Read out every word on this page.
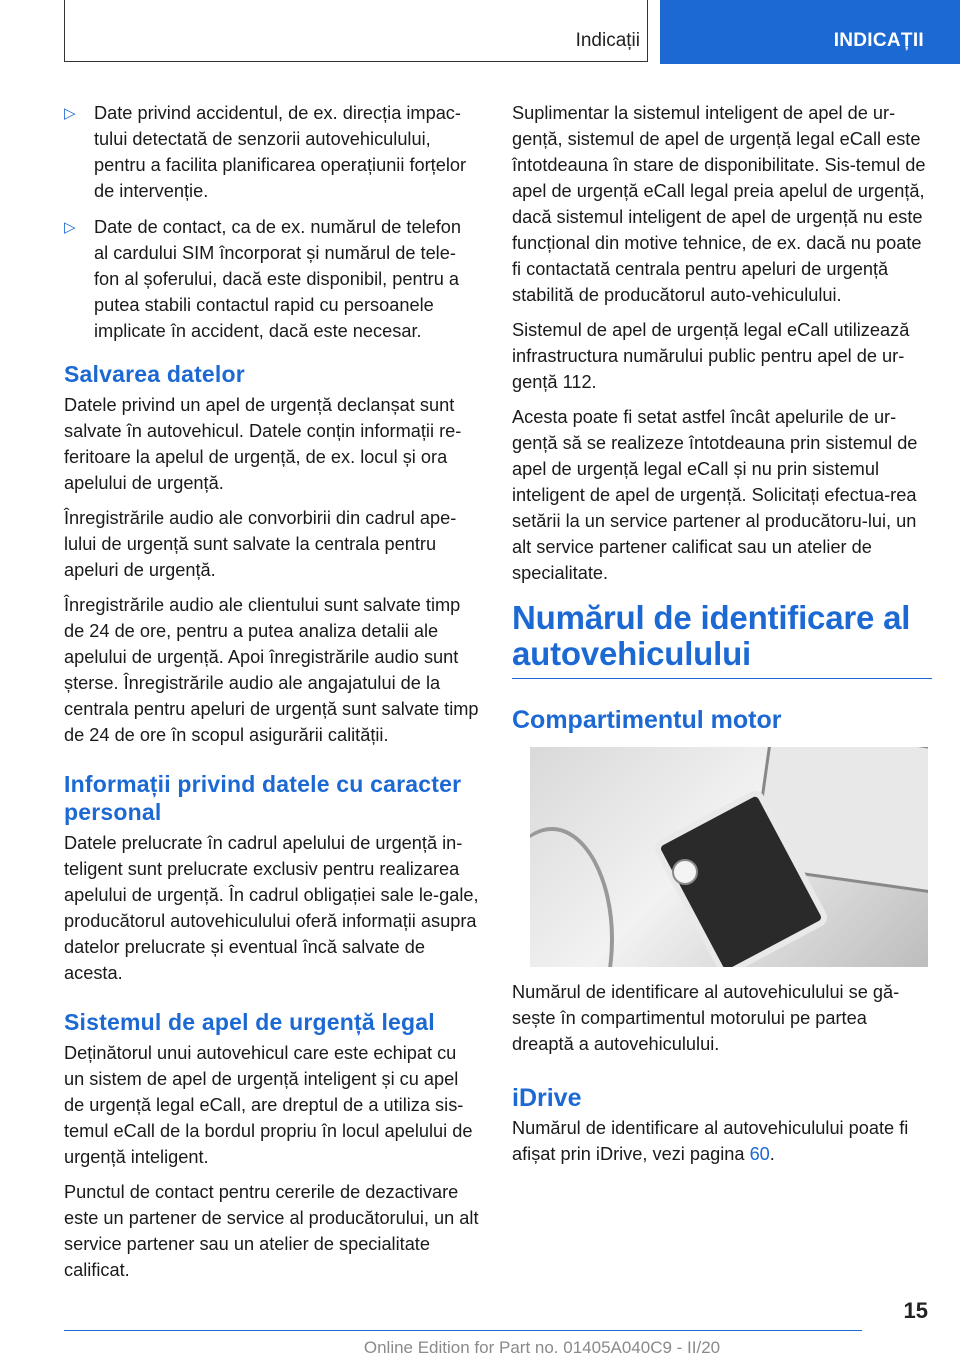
Indicații	INDICAȚII
▷ Date privind accidentul, de ex. direcția impac-tului detectată de senzorii autovehiculului, pentru a facilita planificarea operațiunii forțelor de intervenție.
▷ Date de contact, ca de ex. numărul de telefon al cardului SIM încorporat și numărul de tele-fon al șoferului, dacă este disponibil, pentru a putea stabili contactul rapid cu persoanele implicate în accident, dacă este necesar.
Salvarea datelor

Datele privind un apel de urgență declanșat sunt salvate în autovehicul. Datele conțin informații re-feritoare la apelul de urgență, de ex. locul și ora apelului de urgență.

Înregistrările audio ale convorbirii din cadrul ape-lului de urgență sunt salvate la centrala pentru apeluri de urgență.

Înregistrările audio ale clientului sunt salvate timp de 24 de ore, pentru a putea analiza detalii ale apelului de urgență. Apoi înregistrările audio sunt șterse. Înregistrările audio ale angajatului de la centrala pentru apeluri de urgență sunt salvate timp de 24 de ore în scopul asigurării calității.

Informații privind datele cu caracter personal

Datele prelucrate în cadrul apelului de urgență in-teligent sunt prelucrate exclusiv pentru realizarea apelului de urgență. În cadrul obligației sale le-gale, producătorul autovehiculului oferă informații asupra datelor prelucrate și eventual încă salvate de acesta.

Sistemul de apel de urgență legal

Deținătorul unui autovehicul care este echipat cu un sistem de apel de urgență inteligent și cu apel de urgență legal eCall, are dreptul de a utiliza sis-temul eCall de la bordul propriu în locul apelului de urgență inteligent.

Punctul de contact pentru cererile de dezactivare este un partener de service al producătorului, un alt service partener sau un atelier de specialitate calificat.

Suplimentar la sistemul inteligent de apel de ur-gență, sistemul de apel de urgență legal eCall este întotdeauna în stare de disponibilitate. Sis-temul de apel de urgență eCall legal preia apelul de urgență, dacă sistemul inteligent de apel de urgență nu este funcțional din motive tehnice, de ex. dacă nu poate fi contactată centrala pentru apeluri de urgență stabilită de producătorul auto-vehiculului.

Sistemul de apel de urgență legal eCall utilizează infrastructura numărului public pentru apel de ur-gență 112.

Acesta poate fi setat astfel încât apelurile de ur-gență să se realizeze întotdeauna prin sistemul de apel de urgență legal eCall și nu prin sistemul inteligent de apel de urgență. Solicitați efectua-rea setării la un service partener al producătoru-lui, un alt service partener calificat sau un atelier de specialitate.

Numărul de identificare al autovehiculului
Compartimentul motor

Numărul de identificare al autovehiculului se gă-sește în compartimentul motorului pe partea dreaptă a autovehiculului.

iDrive

Numărul de identificare al autovehiculului poate fi afișat prin iDrive, vezi pagina 60.

15
Online Edition for Part no. 01405A040C9 - II/20
